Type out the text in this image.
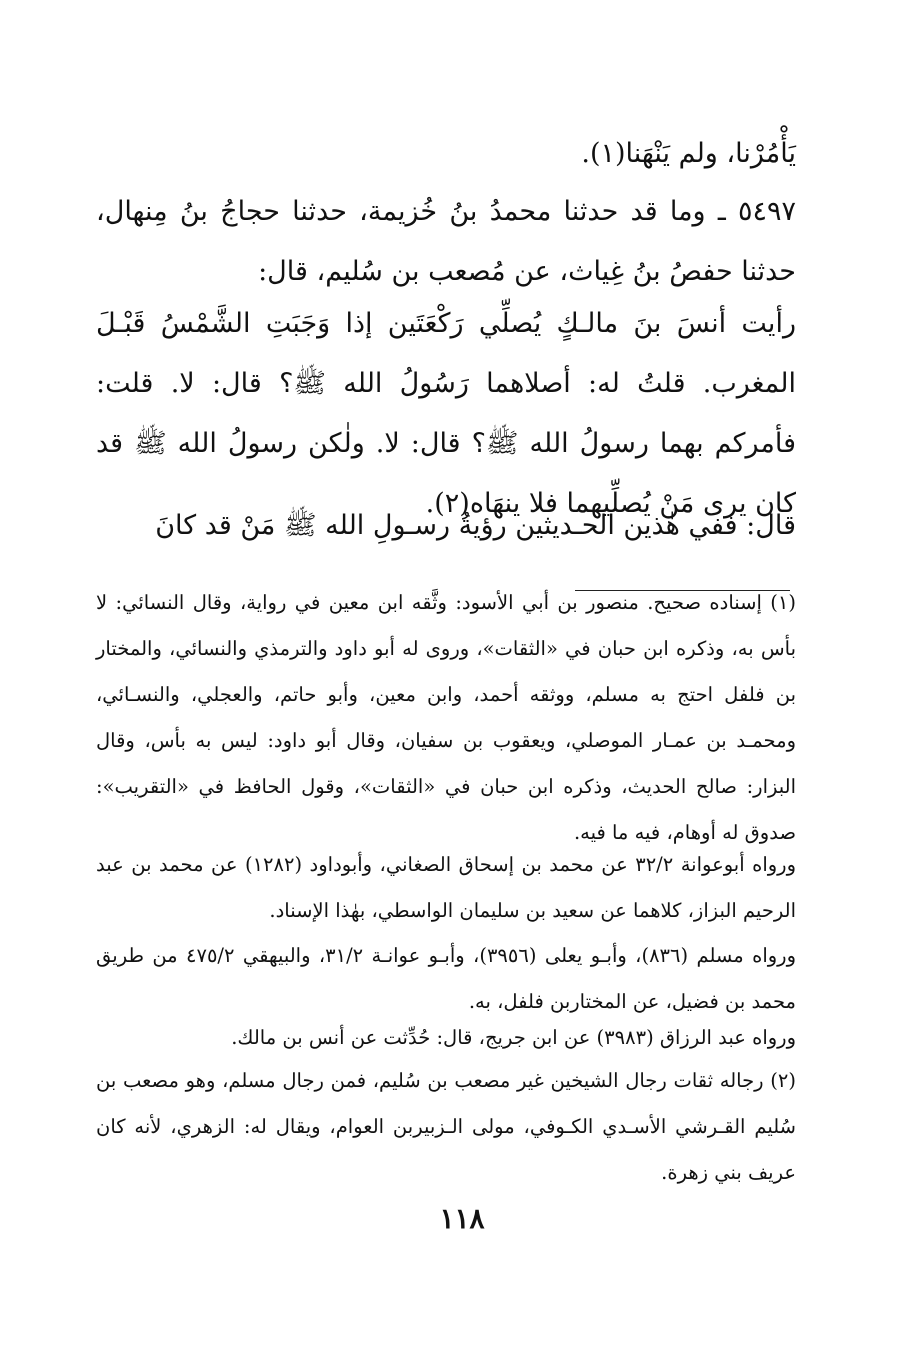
يَأْمُرْنا، ولم يَنْهَنا(١).

٥٤٩٧ ـ وما قد حدثنا محمدُ بنُ خُزيمة، حدثنا حجاجُ بنُ مِنهال، حدثنا حفصُ بنُ غِياث، عن مُصعب بن سُليم، قال:

رأيت أنسَ بنَ مالـكٍ يُصلِّي رَكْعَتَين إذا وَجَبَتِ الشَّمْسُ قَبْـلَ المغرب. قلتُ له: أصلاهما رَسُولُ الله ﷺ؟ قال: لا. قلت: فأمركم بهما رسولُ الله ﷺ؟ قال: لا. ولٰكن رسولُ الله ﷺ قد كان يرى مَنْ يُصلِّيهما فلا ينهَاه(٢).

قال: ففي هٰذين الحـديثين رؤيةُ رسـولِ الله ﷺ مَنْ قد كانَ

(١) إسناده صحيح. منصور بن أبي الأسود: وثَّقه ابن معين في رواية، وقال النسائي: لا بأس به، وذكره ابن حبان في «الثقات»، وروى له أبو داود والترمذي والنسائي، والمختار بن فلفل احتج به مسلم، ووثقه أحمد، وابن معين، وأبو حاتم، والعجلي، والنسـائي، ومحمـد بن عمـار الموصلي، ويعقوب بن سفيان، وقال أبو داود: ليس به بأس، وقال البزار: صالح الحديث، وذكره ابن حبان في «الثقات»، وقول الحافظ في «التقريب»: صدوق له أوهام، فيه ما فيه.

ورواه أبوعوانة ٣٢/٢ عن محمد بن إسحاق الصغاني، وأبوداود (١٢٨٢) عن محمد بن عبد الرحيم البزاز، كلاهما عن سعيد بن سليمان الواسطي، بهٰذا الإسناد.

ورواه مسلم (٨٣٦)، وأبـو يعلى (٣٩٥٦)، وأبـو عوانـة ٣١/٢، والبيهقي ٤٧٥/٢ من طريق محمد بن فضيل، عن المختاربن فلفل، به.

ورواه عبد الرزاق (٣٩٨٣) عن ابن جريج، قال: حُدِّثت عن أنس بن مالك.

(٢) رجاله ثقات رجال الشيخين غير مصعب بن سُليم، فمن رجال مسلم، وهو مصعب بن سُليم القـرشي الأسـدي الكـوفي، مولى الـزبيربن العوام، ويقال له: الزهري، لأنه كان عريف بني زهرة.

١١٨
